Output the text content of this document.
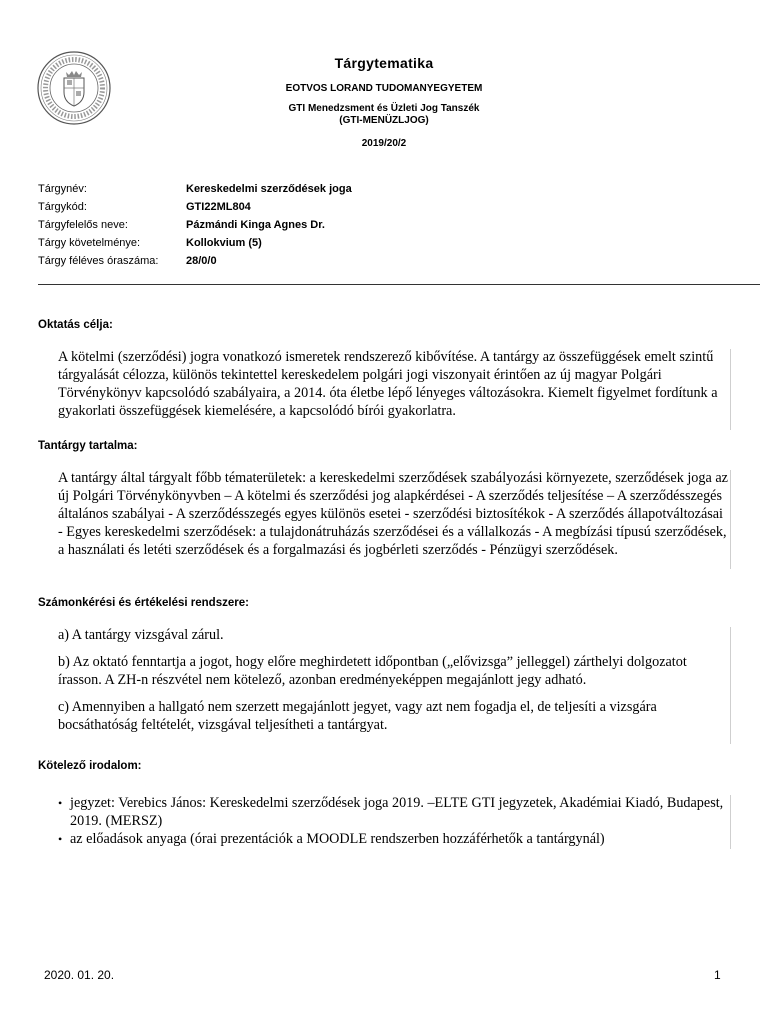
Tárgytematika
EOTVOS LORAND TUDOMANYEGYETEM
GTI Menedzsment és Üzleti Jog Tanszék
(GTI-MENÜZLJOG)
2019/20/2
Tárgynév:	Kereskedelmi szerződések joga
Tárgykód:	GTI22ML804
Tárgyfelelős neve:	Pázmándi Kinga Agnes Dr.
Tárgy követelménye:	Kollokvium (5)
Tárgy féléves óraszáma:	28/0/0
Oktatás célja:

A kötelmi (szerződési) jogra vonatkozó ismeretek rendszerező kibővítése. A tantárgy az összefüggések emelt szintű tárgyalását célozza, különös tekintettel kereskedelem polgári jogi viszonyait érintően az új magyar Polgári Törvénykönyv kapcsolódó szabályaira, a 2014. óta életbe lépő lényeges változásokra. Kiemelt figyelmet fordítunk a gyakorlati összefüggések kiemelésére, a kapcsolódó bírói gyakorlatra.

Tantárgy tartalma:

A tantárgy által tárgyalt főbb tématerületek: a kereskedelmi szerződések szabályozási környezete, szerződések joga az új Polgári Törvénykönyvben – A kötelmi és szerződési jog alapkérdései - A szerződés teljesítése – A szerződésszegés általános szabályai - A szerződésszegés egyes különös esetei - szerződési biztosítékok - A szerződés állapotváltozásai - Egyes kereskedelmi szerződések: a tulajdonátruházás szerződései és a vállalkozás - A megbízási típusú szerződések, a használati és letéti szerződések és a forgalmazási és jogbérleti szerződés - Pénzügyi szerződések.

Számonkérési és értékelési rendszere:

a) A tantárgy vizsgával zárul.

b) Az oktató fenntartja a jogot, hogy előre meghirdetett időpontban („elővizsga” jelleggel) zárthelyi dolgozatot írasson. A ZH-n részvétel nem kötelező, azonban eredményeképpen megajánlott jegy adható.

c) Amennyiben a hallgató nem szerzett megajánlott jegyet, vagy azt nem fogadja el, de teljesíti a vizsgára bocsáthatóság feltételét, vizsgával teljesítheti a tantárgyat.

Kötelező irodalom:
• jegyzet: Verebics János: Kereskedelmi szerződések joga 2019. –ELTE GTI jegyzetek, Akadémiai Kiadó, Budapest, 2019. (MERSZ)
• az előadások anyaga (órai prezentációk a MOODLE rendszerben hozzáférhetők a tantárgynál)
2020. 01. 20.	1
